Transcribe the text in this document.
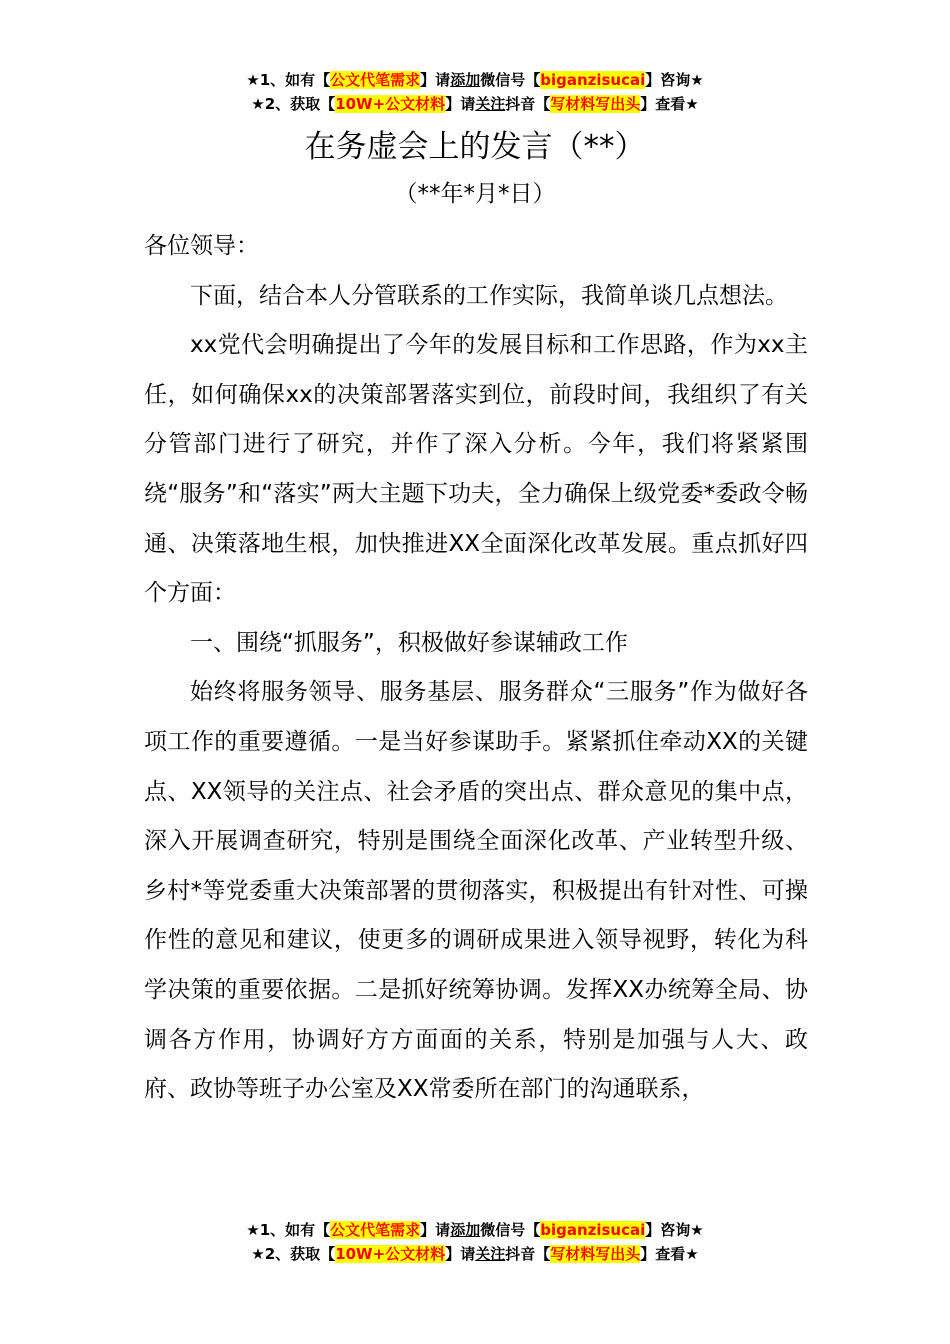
★1、如有【公文代笔需求】请添加微信号【biganzisucai】咨询★
★2、获取【10W+公文材料】请关注抖音【写材料写出头】查看★
在务虚会上的发言（**）
（**年*月*日）

各位领导：

下面，结合本人分管联系的工作实际，我简单谈几点想法。

xx党代会明确提出了今年的发展目标和工作思路，作为xx主任，如何确保xx的决策部署落实到位，前段时间，我组织了有关分管部门进行了研究，并作了深入分析。今年，我们将紧紧围绕“服务”和“落实”两大主题下功夫，全力确保上级党委*委政令畅通、决策落地生根，加快推进XX全面深化改革发展。重点抓好四个方面：

一、围绕“抓服务”，积极做好参谋辅政工作

始终将服务领导、服务基层、服务群众“三服务”作为做好各项工作的重要遵循。一是当好参谋助手。紧紧抓住牵动XX的关键点、XX领导的关注点、社会矛盾的突出点、群众意见的集中点，深入开展调查研究，特别是围绕全面深化改革、产业转型升级、乡村*等党委重大决策部署的贯彻落实，积极提出有针对性、可操作性的意见和建议，使更多的调研成果进入领导视野，转化为科学决策的重要依据。二是抓好统筹协调。发挥XX办统筹全局、协调各方作用，协调好方方面面的关系，特别是加强与人大、政府、政协等班子办公室及XX常委所在部门的沟通联系，

★1、如有【公文代笔需求】请添加微信号【biganzisucai】咨询★
★2、获取【10W+公文材料】请关注抖音【写材料写出头】查看★
